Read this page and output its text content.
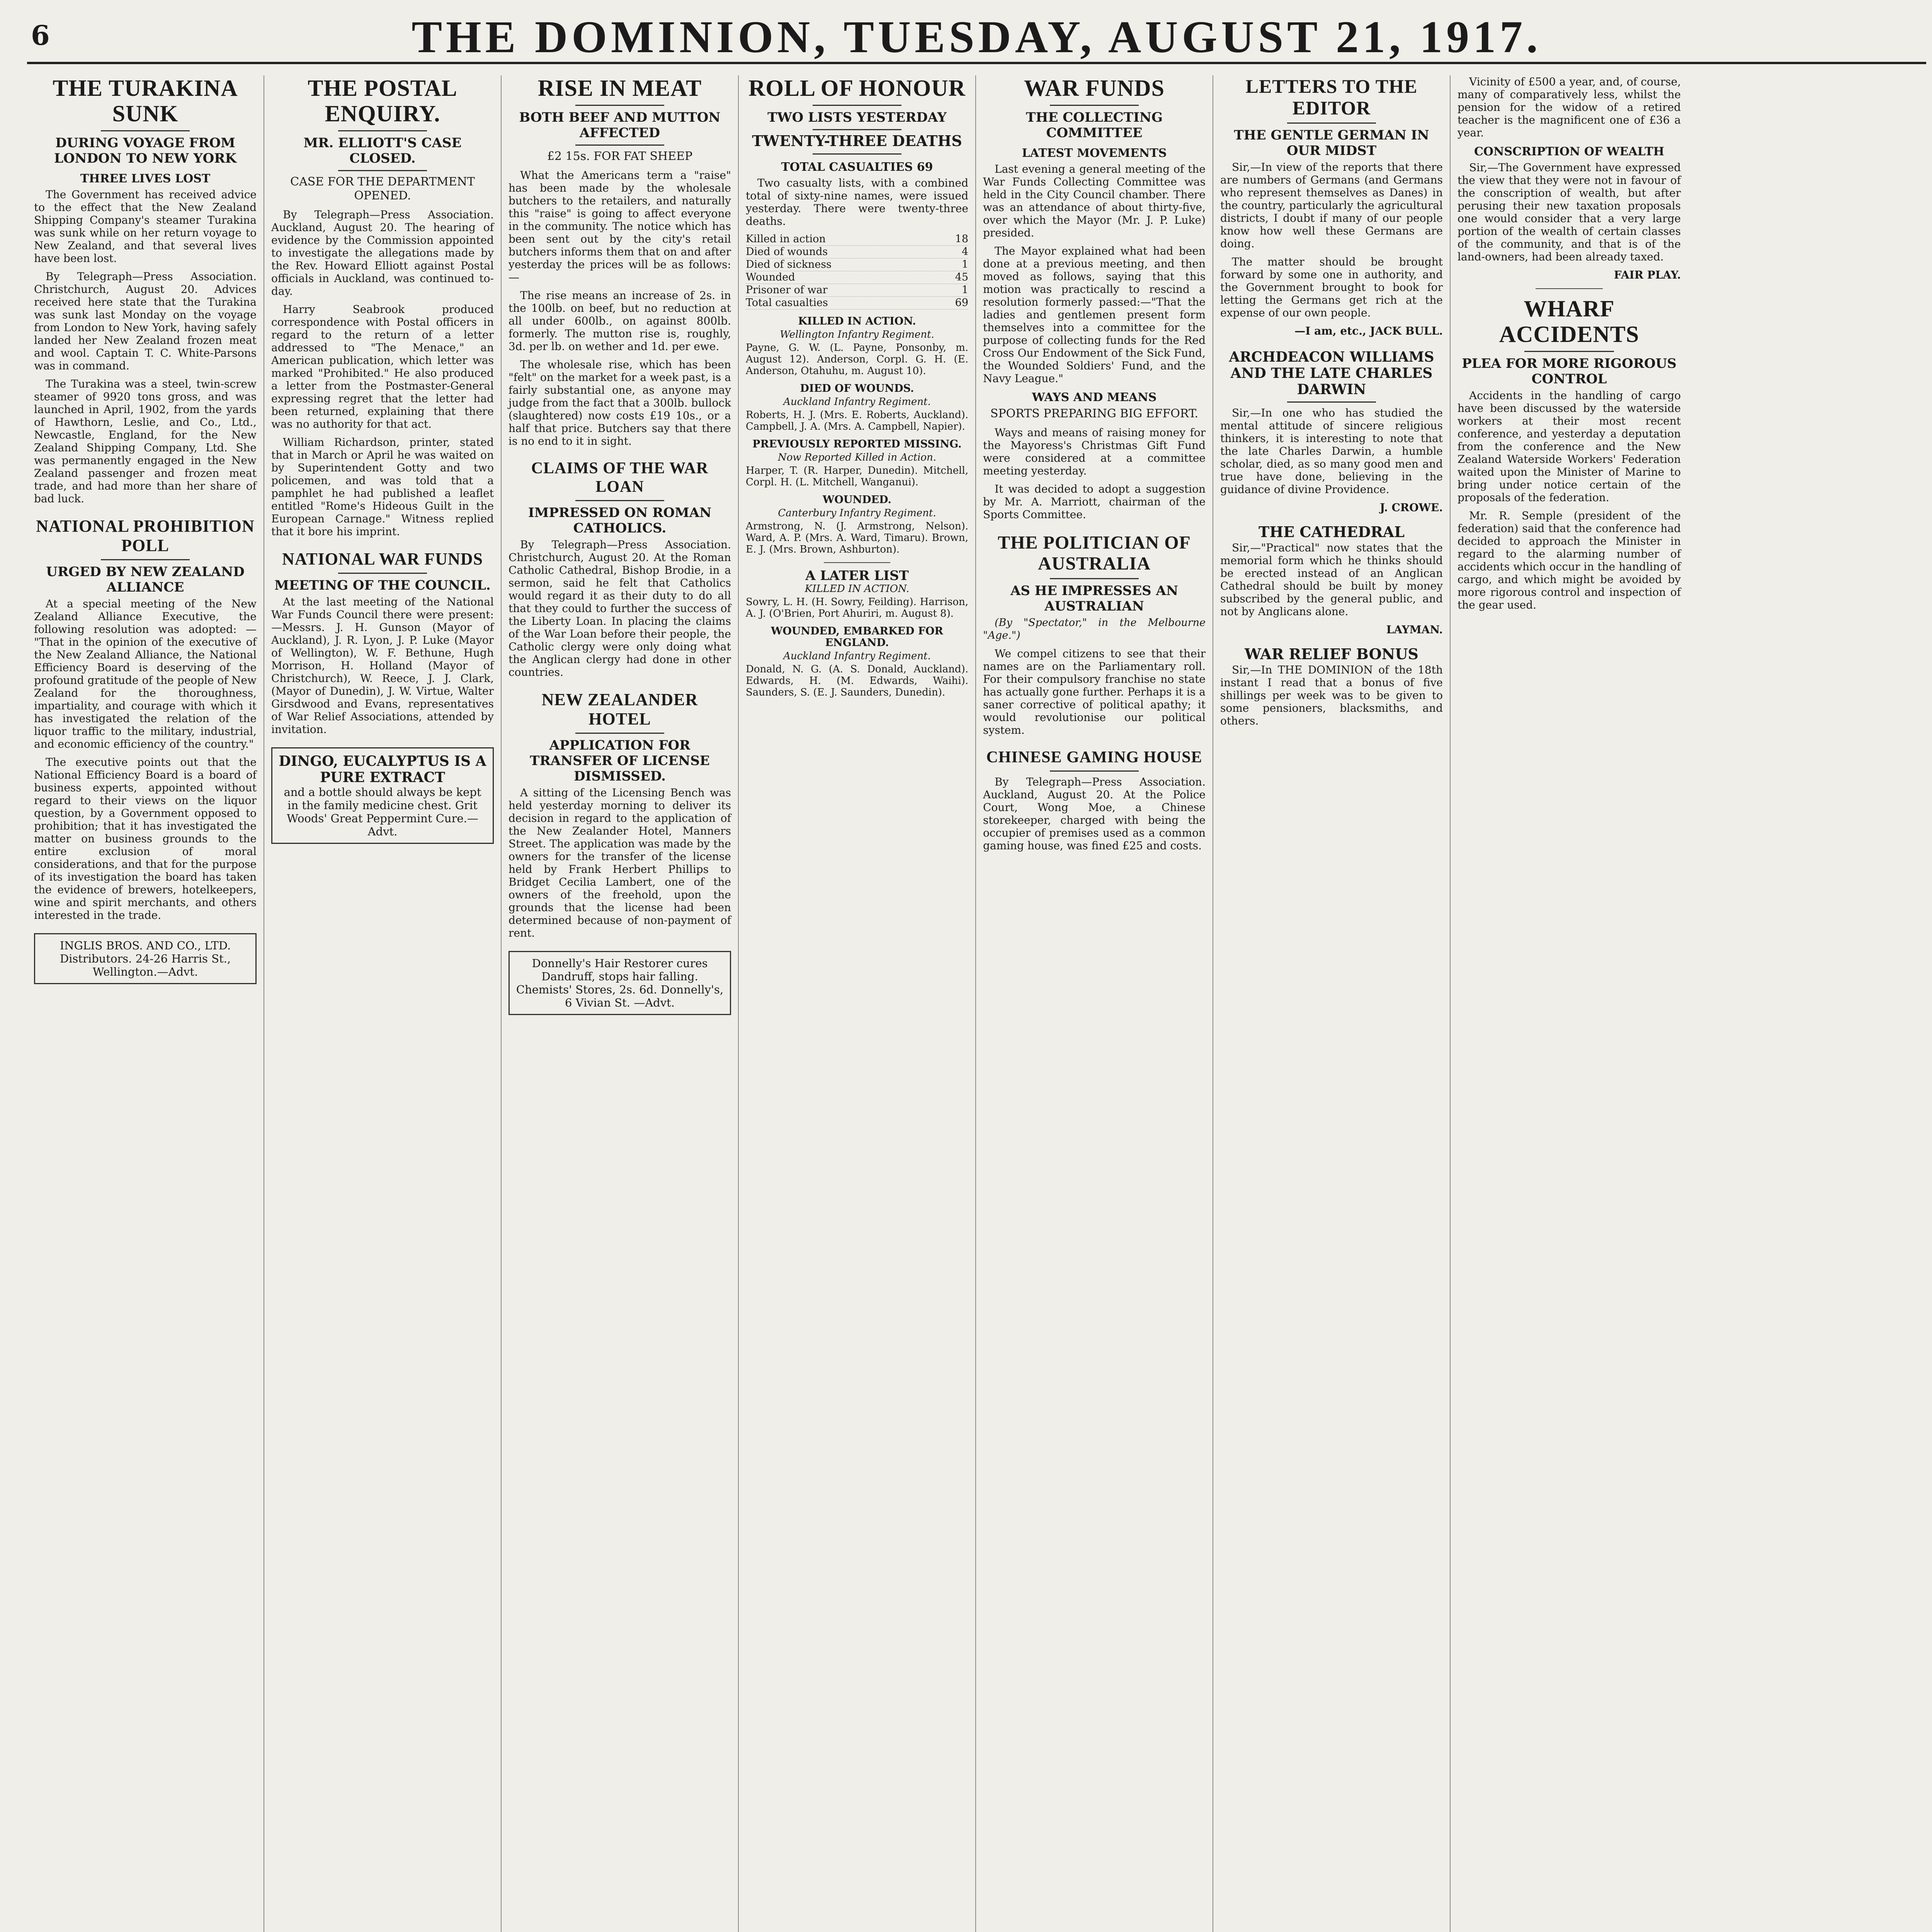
6	THE DOMINION, TUESDAY, AUGUST 21, 1917.
THE TURAKINA SUNK
DURING VOYAGE FROM LONDON TO NEW YORK
THREE LIVES LOST

The Government has received advice to the effect that the New Zealand Shipping Company's steamer Turakina was sunk while on her return voyage to New Zealand, and that several lives have been lost.

By Telegraph—Press Association. Christchurch, August 20. Advices received here state that the Turakina was sunk last Monday on the voyage from London to New York, having safely landed her New Zealand frozen meat and wool. Captain T. C. White-Parsons was in command.

The Turakina was a steel, twin-screw steamer of 9920 tons gross, and was launched in April, 1902, from the yards of Hawthorn, Leslie, and Co., Ltd., Newcastle, England, for the New Zealand Shipping Company, Ltd. She was permanently engaged in the New Zealand passenger and frozen meat trade, and had more than her share of bad luck.

NATIONAL PROHIBITION POLL
URGED BY NEW ZEALAND ALLIANCE

At a special meeting of the New Zealand Alliance Executive, the following resolution was adopted: — "That in the opinion of the executive of the New Zealand Alliance, the National Efficiency Board is deserving of the profound gratitude of the people of New Zealand for the thoroughness, impartiality, and courage with which it has investigated the relation of the liquor traffic to the military, industrial, and economic efficiency of the country."

The executive points out that the National Efficiency Board is a board of business experts, appointed without regard to their views on the liquor question, by a Government opposed to prohibition; that it has investigated the matter on business grounds to the entire exclusion of moral considerations, and that for the purpose of its investigation the board has taken the evidence of brewers, hotelkeepers, wine and spirit merchants, and others interested in the trade.

INGLIS BROS. AND CO., LTD. Distributors. 24-26 Harris St., Wellington.—Advt.
THE POSTAL ENQUIRY.
MR. ELLIOTT'S CASE CLOSED.
CASE FOR THE DEPARTMENT OPENED.

By Telegraph—Press Association. Auckland, August 20. The hearing of evidence by the Commission appointed to investigate the allegations made by the Rev. Howard Elliott against Postal officials in Auckland, was continued to-day.

Harry Seabrook produced correspondence with Postal officers in regard to the return of a letter addressed to "The Menace," an American publication, which letter was marked "Prohibited." He also produced a letter from the Postmaster-General expressing regret that the letter had been returned, explaining that there was no authority for that act.

William Richardson, printer, stated that in March or April he was waited on by Superintendent Gotty and two policemen, and was told that a pamphlet he had published a leaflet entitled "Rome's Hideous Guilt in the European Carnage." Witness replied that it bore his imprint.

NATIONAL WAR FUNDS
MEETING OF THE COUNCIL.

At the last meeting of the National War Funds Council there were present:—Messrs. J. H. Gunson (Mayor of Auckland), J. R. Lyon, J. P. Luke (Mayor of Wellington), W. F. Bethune, Hugh Morrison, H. Holland (Mayor of Christchurch), W. Reece, J. J. Clark, (Mayor of Dunedin), J. W. Virtue, Walter Girsdwood and Evans, representatives of War Relief Associations, attended by invitation.

DINGO, EUCALYPTUS IS A PURE EXTRACT
and a bottle should always be kept in the family medicine chest. Grit Woods' Great Peppermint Cure.—Advt.
RISE IN MEAT
BOTH BEEF AND MUTTON AFFECTED
£2 15s. FOR FAT SHEEP

What the Americans term a "raise" has been made by the wholesale butchers to the retailers, and naturally this "raise" is going to affect everyone in the community. The notice which has been sent out by the city's retail butchers informs them that on and after yesterday the prices will be as follows:—

The rise means an increase of 2s. in the 100lb. on beef, but no reduction at all under 600lb., on against 800lb. formerly. The mutton rise is, roughly, 3d. per lb. on wether and 1d. per ewe.

The wholesale rise, which has been "felt" on the market for a week past, is a fairly substantial one, as anyone may judge from the fact that a 300lb. bullock (slaughtered) now costs £19 10s., or a half that price. Butchers say that there is no end to it in sight.

CLAIMS OF THE WAR LOAN
IMPRESSED ON ROMAN CATHOLICS.

By Telegraph—Press Association. Christchurch, August 20. At the Roman Catholic Cathedral, Bishop Brodie, in a sermon, said he felt that Catholics would regard it as their duty to do all that they could to further the success of the Liberty Loan. In placing the claims of the War Loan before their people, the Catholic clergy were only doing what the Anglican clergy had done in other countries.

NEW ZEALANDER HOTEL
APPLICATION FOR TRANSFER OF LICENSE DISMISSED.

A sitting of the Licensing Bench was held yesterday morning to deliver its decision in regard to the application of the New Zealander Hotel, Manners Street. The application was made by the owners for the transfer of the license held by Frank Herbert Phillips to Bridget Cecilia Lambert, one of the owners of the freehold, upon the grounds that the license had been determined because of non-payment of rent.

Donnelly's Hair Restorer cures Dandruff, stops hair falling. Chemists' Stores, 2s. 6d. Donnelly's, 6 Vivian St. —Advt.
ROLL OF HONOUR
TWO LISTS YESTERDAY
TWENTY-THREE DEATHS
TOTAL CASUALTIES 69

Two casualty lists, with a combined total of sixty-nine names, were issued yesterday. There were twenty-three deaths.

Killed in action	18
Died of wounds	4
Died of sickness	1
Wounded	45
Prisoner of war	1
Total casualties	69
KILLED IN ACTION.
Wellington Infantry Regiment.

Payne, G. W. (L. Payne, Ponsonby, m. August 12). Anderson, Corpl. G. H. (E. Anderson, Otahuhu, m. August 10).

DIED OF WOUNDS.
Auckland Infantry Regiment.

Roberts, H. J. (Mrs. E. Roberts, Auckland). Campbell, J. A. (Mrs. A. Campbell, Napier).

PREVIOUSLY REPORTED MISSING.
Now Reported Killed in Action.

Harper, T. (R. Harper, Dunedin). Mitchell, Corpl. H. (L. Mitchell, Wanganui).

WOUNDED.
Canterbury Infantry Regiment.

Armstrong, N. (J. Armstrong, Nelson). Ward, A. P. (Mrs. A. Ward, Timaru). Brown, E. J. (Mrs. Brown, Ashburton).

A LATER LIST
KILLED IN ACTION.

Sowry, L. H. (H. Sowry, Feilding). Harrison, A. J. (O'Brien, Port Ahuriri, m. August 8).

WOUNDED, EMBARKED FOR ENGLAND.
Auckland Infantry Regiment.

Donald, N. G. (A. S. Donald, Auckland). Edwards, H. (M. Edwards, Waihi). Saunders, S. (E. J. Saunders, Dunedin).

WAR FUNDS
THE COLLECTING COMMITTEE
LATEST MOVEMENTS

Last evening a general meeting of the War Funds Collecting Committee was held in the City Council chamber. There was an attendance of about thirty-five, over which the Mayor (Mr. J. P. Luke) presided.

The Mayor explained what had been done at a previous meeting, and then moved as follows, saying that this motion was practically to rescind a resolution formerly passed:—"That the ladies and gentlemen present form themselves into a committee for the purpose of collecting funds for the Red Cross Our Endowment of the Sick Fund, the Wounded Soldiers' Fund, and the Navy League."

WAYS AND MEANS
SPORTS PREPARING BIG EFFORT.

Ways and means of raising money for the Mayoress's Christmas Gift Fund were considered at a committee meeting yesterday.

It was decided to adopt a suggestion by Mr. A. Marriott, chairman of the Sports Committee.

THE POLITICIAN OF AUSTRALIA
AS HE IMPRESSES AN AUSTRALIAN

(By "Spectator," in the Melbourne "Age.")

We compel citizens to see that their names are on the Parliamentary roll. For their compulsory franchise no state has actually gone further. Perhaps it is a saner corrective of political apathy; it would revolutionise our political system.

CHINESE GAMING HOUSE

By Telegraph—Press Association. Auckland, August 20. At the Police Court, Wong Moe, a Chinese storekeeper, charged with being the occupier of premises used as a common gaming house, was fined £25 and costs.

LETTERS TO THE EDITOR
THE GENTLE GERMAN IN OUR MIDST

Sir,—In view of the reports that there are numbers of Germans (and Germans who represent themselves as Danes) in the country, particularly the agricultural districts, I doubt if many of our people know how well these Germans are doing.

The matter should be brought forward by some one in authority, and the Government brought to book for letting the Germans get rich at the expense of our own people.

—I am, etc., JACK BULL.
ARCHDEACON WILLIAMS AND THE LATE CHARLES DARWIN

Sir,—In one who has studied the mental attitude of sincere religious thinkers, it is interesting to note that the late Charles Darwin, a humble scholar, died, as so many good men and true have done, believing in the guidance of divine Providence.

J. CROWE.
THE CATHEDRAL

Sir,—"Practical" now states that the memorial form which he thinks should be erected instead of an Anglican Cathedral should be built by money subscribed by the general public, and not by Anglicans alone.

LAYMAN.
WAR RELIEF BONUS

Sir,—In THE DOMINION of the 18th instant I read that a bonus of five shillings per week was to be given to some pensioners, blacksmiths, and others.

Vicinity of £500 a year, and, of course, many of comparatively less, whilst the pension for the widow of a retired teacher is the magnificent one of £36 a year.

CONSCRIPTION OF WEALTH

Sir,—The Government have expressed the view that they were not in favour of the conscription of wealth, but after perusing their new taxation proposals one would consider that a very large portion of the wealth of certain classes of the community, and that is of the land-owners, had been already taxed.

FAIR PLAY.
WHARF ACCIDENTS
PLEA FOR MORE RIGOROUS CONTROL

Accidents in the handling of cargo have been discussed by the waterside workers at their most recent conference, and yesterday a deputation from the conference and the New Zealand Waterside Workers' Federation waited upon the Minister of Marine to bring under notice certain of the proposals of the federation.

Mr. R. Semple (president of the federation) said that the conference had decided to approach the Minister in regard to the alarming number of accidents which occur in the handling of cargo, and which might be avoided by more rigorous control and inspection of the gear used.
